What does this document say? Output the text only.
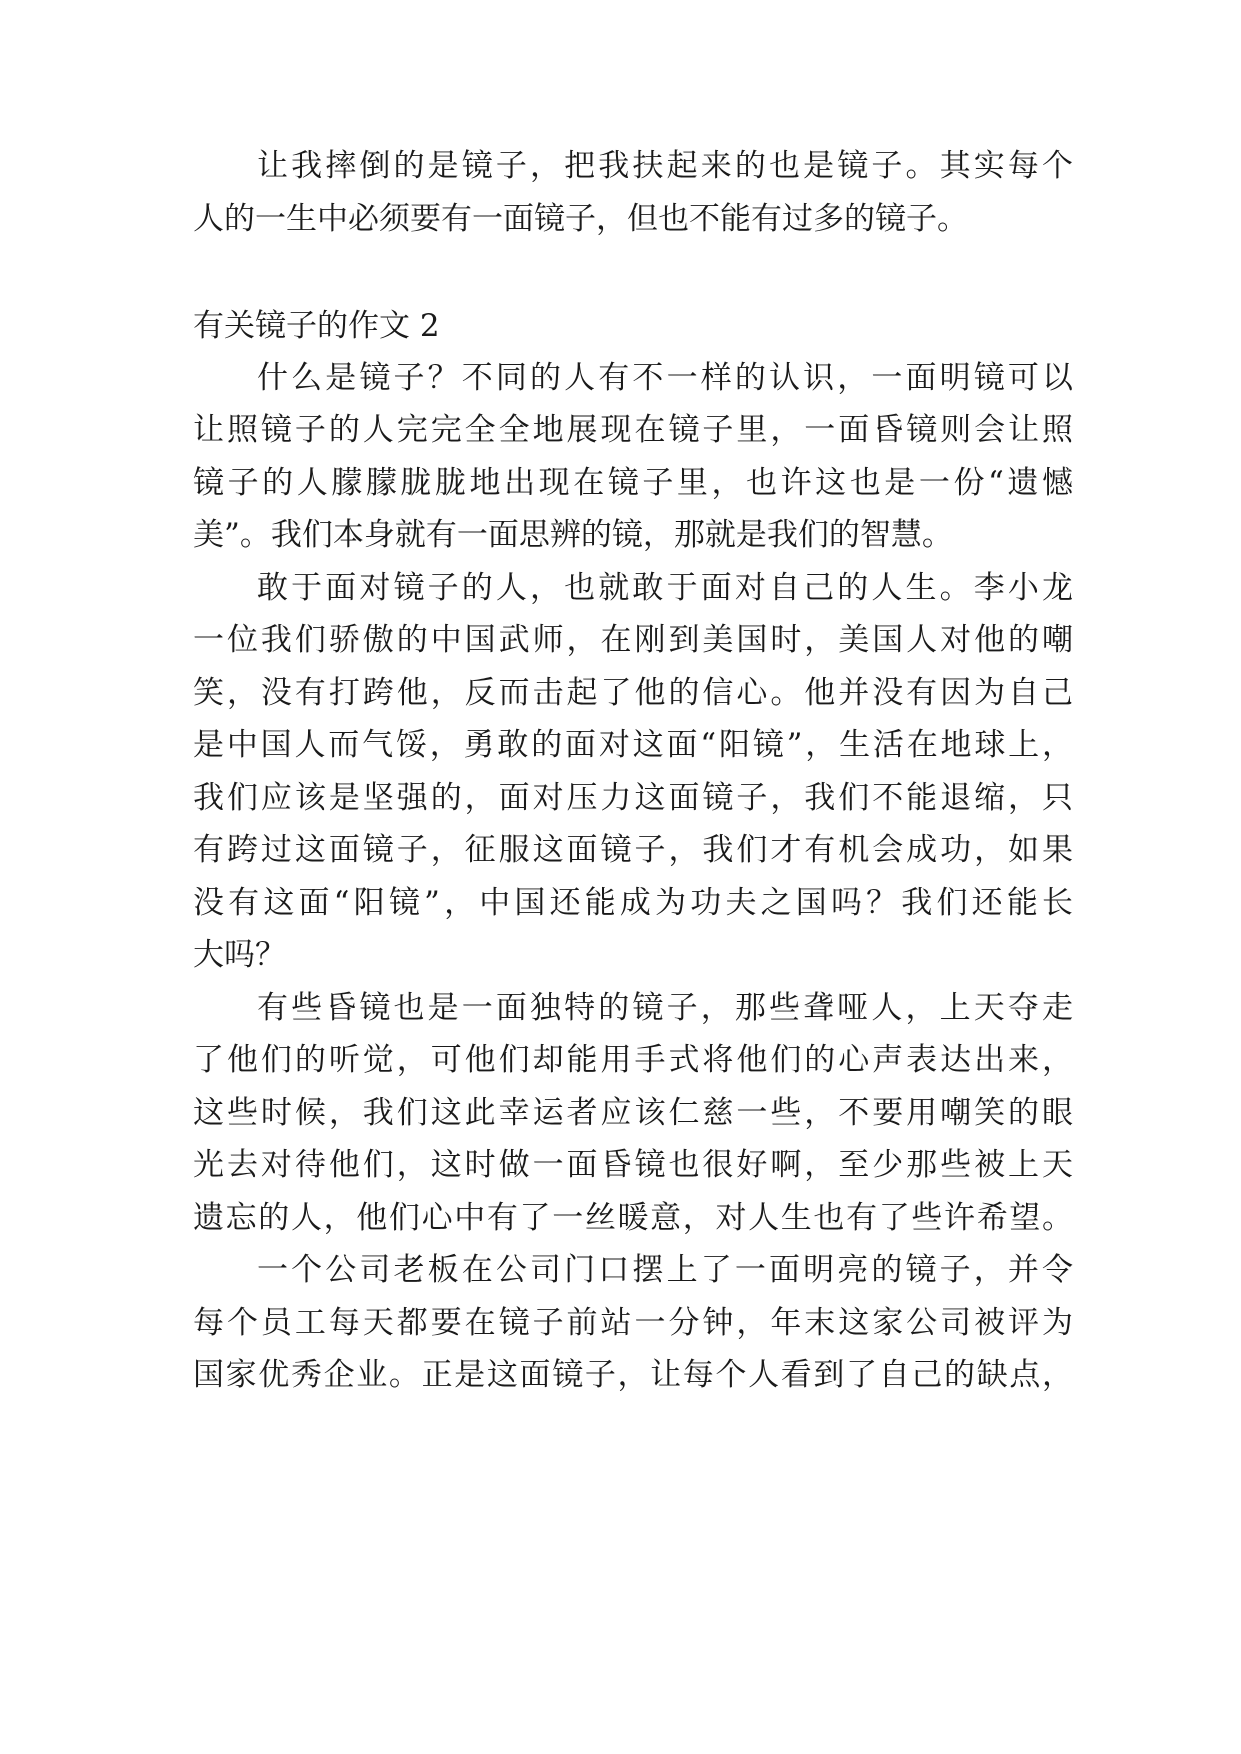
让我摔倒的是镜子，把我扶起来的也是镜子。其实每个
人的一生中必须要有一面镜子，但也不能有过多的镜子。
有关镜子的作文 2
什么是镜子？不同的人有不一样的认识，一面明镜可以
让照镜子的人完完全全地展现在镜子里，一面昏镜则会让照
镜子的人朦朦胧胧地出现在镜子里，也许这也是一份“遗憾
美”。我们本身就有一面思辨的镜，那就是我们的智慧。
敢于面对镜子的人，也就敢于面对自己的人生。李小龙
一位我们骄傲的中国武师，在刚到美国时，美国人对他的嘲
笑，没有打跨他，反而击起了他的信心。他并没有因为自己
是中国人而气馁，勇敢的面对这面“阳镜”，生活在地球上，
我们应该是坚强的，面对压力这面镜子，我们不能退缩，只
有跨过这面镜子，征服这面镜子，我们才有机会成功，如果
没有这面“阳镜”，中国还能成为功夫之国吗？我们还能长
大吗？
有些昏镜也是一面独特的镜子，那些聋哑人，上天夺走
了他们的听觉，可他们却能用手式将他们的心声表达出来，
这些时候，我们这此幸运者应该仁慈一些，不要用嘲笑的眼
光去对待他们，这时做一面昏镜也很好啊，至少那些被上天
遗忘的人，他们心中有了一丝暖意，对人生也有了些许希望。
一个公司老板在公司门口摆上了一面明亮的镜子，并令
每个员工每天都要在镜子前站一分钟，年末这家公司被评为
国家优秀企业。正是这面镜子，让每个人看到了自己的缺点，
